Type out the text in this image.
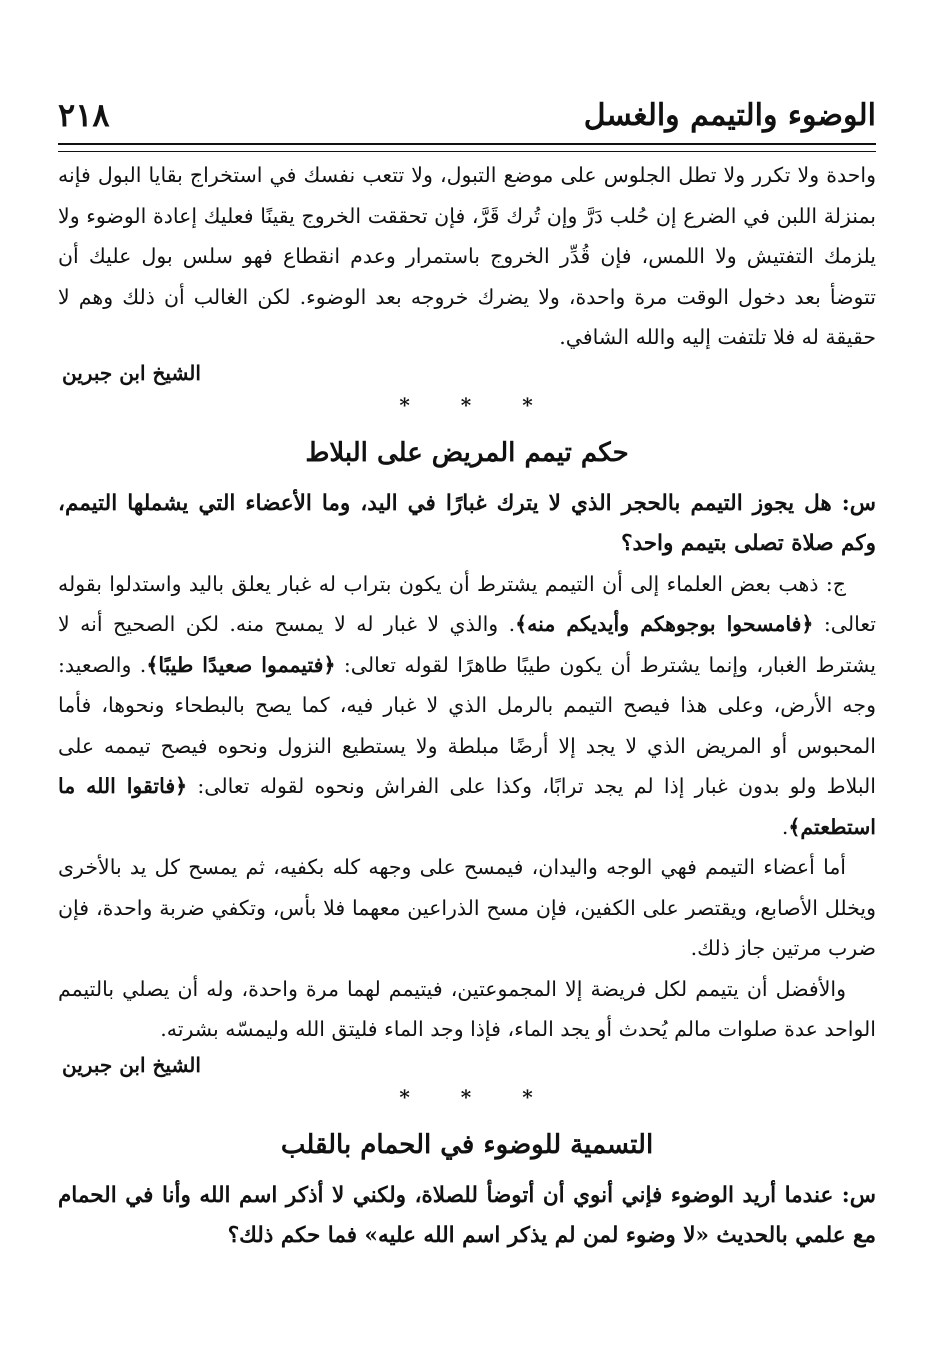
الوضوء والتيمم والغسل
٢١٨

واحدة ولا تكرر ولا تطل الجلوس على موضع التبول، ولا تتعب نفسك في استخراج بقايا البول فإنه بمنزلة اللبن في الضرع إن حُلب دَرَّ وإن تُرك قَرَّ، فإن تحققت الخروج يقينًا فعليك إعادة الوضوء ولا يلزمك التفتيش ولا اللمس، فإن قُدِّر الخروج باستمرار وعدم انقطاع فهو سلس بول عليك أن تتوضأ بعد دخول الوقت مرة واحدة، ولا يضرك خروجه بعد الوضوء. لكن الغالب أن ذلك وهم لا حقيقة له فلا تلتفت إليه والله الشافي.

الشيخ ابن جبرين
* * *
حكم تيمم المريض على البلاط

س: هل يجوز التيمم بالحجر الذي لا يترك غبارًا في اليد، وما الأعضاء التي يشملها التيمم، وكم صلاة تصلى بتيمم واحد؟

ج: ذهب بعض العلماء إلى أن التيمم يشترط أن يكون بتراب له غبار يعلق باليد واستدلوا بقوله تعالى: ﴿فامسحوا بوجوهكم وأيديكم منه﴾. والذي لا غبار له لا يمسح منه. لكن الصحيح أنه لا يشترط الغبار، وإنما يشترط أن يكون طيبًا طاهرًا لقوله تعالى: ﴿فتيمموا صعيدًا طيبًا﴾. والصعيد: وجه الأرض، وعلى هذا فيصح التيمم بالرمل الذي لا غبار فيه، كما يصح بالبطحاء ونحوها، فأما المحبوس أو المريض الذي لا يجد إلا أرضًا مبلطة ولا يستطيع النزول ونحوه فيصح تيممه على البلاط ولو بدون غبار إذا لم يجد ترابًا، وكذا على الفراش ونحوه لقوله تعالى: ﴿فاتقوا الله ما استطعتم﴾.

أما أعضاء التيمم فهي الوجه واليدان، فيمسح على وجهه كله بكفيه، ثم يمسح كل يد بالأخرى ويخلل الأصابع، ويقتصر على الكفين، فإن مسح الذراعين معهما فلا بأس، وتكفي ضربة واحدة، فإن ضرب مرتين جاز ذلك.

والأفضل أن يتيمم لكل فريضة إلا المجموعتين، فيتيمم لهما مرة واحدة، وله أن يصلي بالتيمم الواحد عدة صلوات مالم يُحدث أو يجد الماء، فإذا وجد الماء فليتق الله وليمسّه بشرته.

الشيخ ابن جبرين
* * *
التسمية للوضوء في الحمام بالقلب

س: عندما أريد الوضوء فإني أنوي أن أتوضأ للصلاة، ولكني لا أذكر اسم الله وأنا في الحمام مع علمي بالحديث «لا وضوء لمن لم يذكر اسم الله عليه» فما حكم ذلك؟
